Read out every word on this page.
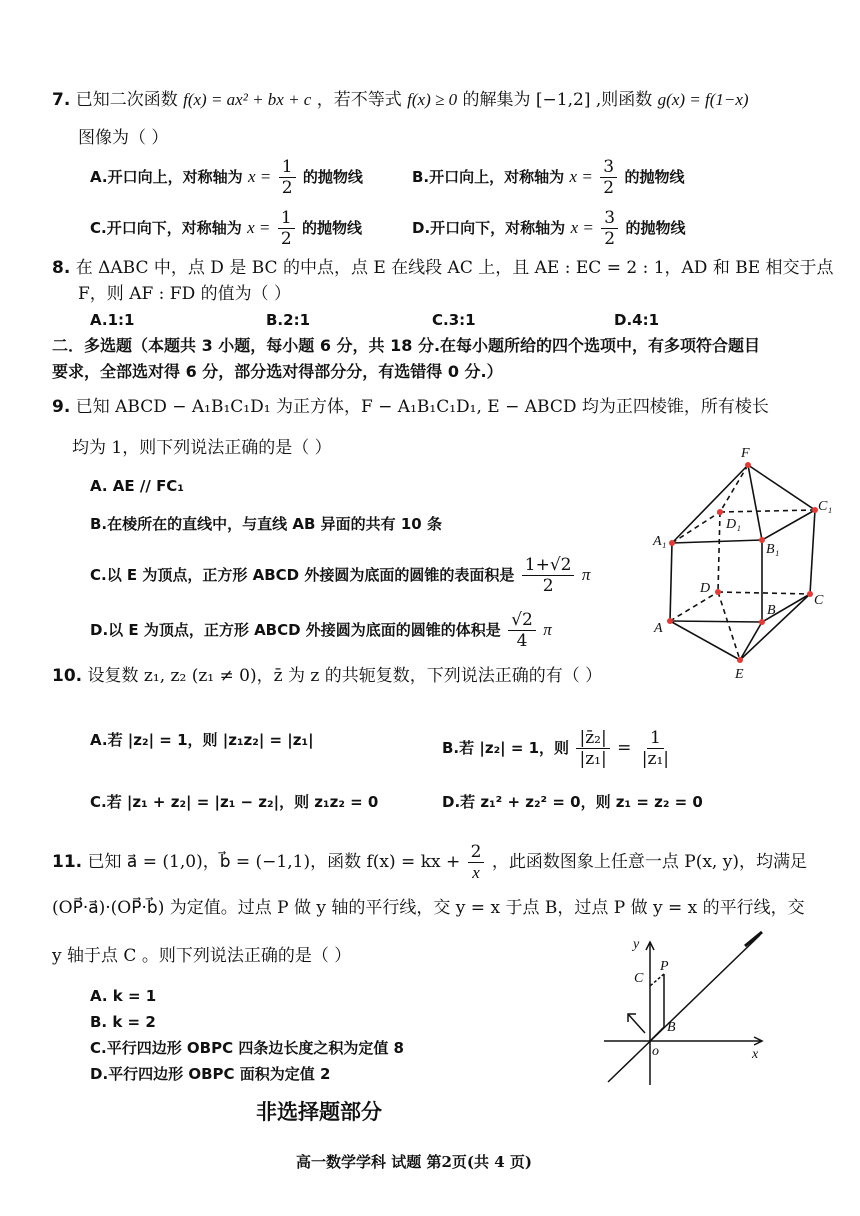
7. 已知二次函数 f(x) = ax² + bx + c ，若不等式 f(x) ≥ 0 的解集为 [−1,2] ,则函数 g(x) = f(1−x)
图像为（ ）
A.开口向上，对称轴为 $x = \frac{1}{2}$ 的抛物线	B.开口向上，对称轴为 $x = \frac{3}{2}$ 的抛物线
C.开口向下，对称轴为 $x = \frac{1}{2}$ 的抛物线	D.开口向下，对称轴为 $x = \frac{3}{2}$ 的抛物线
8. 在 ΔABC 中，点 D 是 BC 的中点，点 E 在线段 AC 上，且 AE : EC = 2 : 1，AD 和 BE 相交于点
F，则 AF : FD 的值为（ ）
A.1:1	B.2:1	C.3:1	D.4:1
二．多选题（本题共 3 小题，每小题 6 分，共 18 分.在每小题所给的四个选项中，有多项符合题目
要求，全部选对得 6 分，部分选对得部分分，有选错得 0 分.）
9. 已知 ABCD − A₁B₁C₁D₁ 为正方体，F − A₁B₁C₁D₁, E − ABCD 均为正四棱锥，所有棱长
均为 1，则下列说法正确的是（ ）
A. AE // FC₁
B.在棱所在的直线中，与直线 AB 异面的共有 10 条
C.以 E 为顶点，正方形 ABCD 外接圆为底面的圆锥的表面积是 $\frac{1+√2}{2}$ π
D.以 E 为顶点，正方形 ABCD 外接圆为底面的圆锥的体积是 $\frac{√2}{4}$ π
F
C₁
D₁
A₁
B₁
D
C
A
B
E
10. 设复数 z₁, z₂ (z₁ ≠ 0)，z̄ 为 z 的共轭复数，下列说法正确的有（ ）
A.若 |z₂| = 1，则 |z₁z₂| = |z₁|	B.若 |z₂| = 1，则 $\frac{\text{|z̄₂|}}{\text{|z₁|}} = \frac{1}{\text{|z₁|}}$
C.若 |z₁ + z₂| = |z₁ − z₂|，则 z₁z₂ = 0	D.若 z₁² + z₂² = 0，则 z₁ = z₂ = 0
11. 已知 a⃗ = (1,0)，b⃗ = (−1,1)，函数 f(x) = kx + $\frac{2}{x}$ ，此函数图象上任意一点 P(x, y)，均满足
(OP⃗·a⃗)·(OP⃗·b⃗) 为定值。过点 P 做 y 轴的平行线，交 y = x 于点 B，过点 P 做 y = x 的平行线，交
y 轴于点 C 。则下列说法正确的是（ ）
A. k = 1
B. k = 2
C.平行四边形 OBPC 四条边长度之积为定值 8
D.平行四边形 OBPC 面积为定值 2
y
x
o
P
C
B
非选择题部分
高一数学学科 试题 第2页(共 4 页)
